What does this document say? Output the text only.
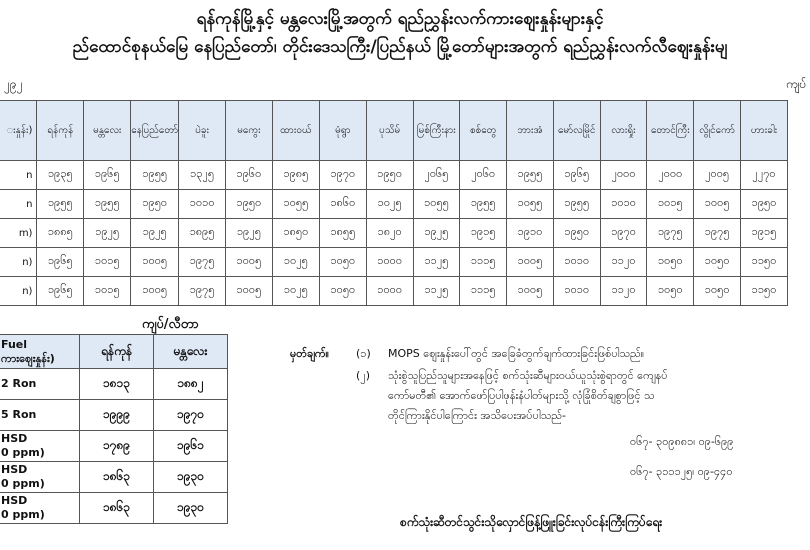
ရန်ကုန်မြို့နှင့် မန္တလေးမြို့အတွက် ရည်ညွှန်းလက်ကားဈေးနှုန်းများနှင့်
ည်ထောင်စုနယ်မြေ နေပြည်တော်၊ တိုင်းဒေသကြီး/ပြည်နယ် မြို့တော်များအတွက် ရည်ညွှန်းလက်လီဈေးနှုန်းမျ
၂၉၂	ကျပ်
းနှုန်း)	ရန်ကုန်	မန္တလေး	နေပြည်တော်	ပဲခူး	မကွေး	ထားဝယ်	မုံရွာ	ပုသိမ်	မြစ်ကြီးနား	စစ်တွေ	ဘားအံ	မော်လမြိုင်	လားရှိုး	တောင်ကြီး	လွိုင်ကော်	ဟားခါး
n	၁၉၃၅	၁၉၆၅	၁၉၅၅	၁၃၂၅	၁၉၆၀	၁၉၈၅	၁၉၇၀	၁၉၅၀	၂၀၆၅	၂၀၆၀	၁၉၅၅	၁၉၆၅	၂၀၀၀	၂၀၀၀	၂၀၀၅	၂၂၇၀
n	၁၉၅၅	၁၉၅၅	၁၉၅၀	၁၀၁၀	၁၉၅၀	၁၀၅၅	၁၈၆၀	၁၀၂၅	၁၀၅၅	၁၉၅၅	၁၀၅၅	၁၉၅၅	၁၀၁၀	၁၀၁၅	၁၀၀၅	၁၉၅၀
m)	၁၈၈၅	၁၉၂၅	၁၉၂၅	၁၈၉၅	၁၉၂၅	၁၈၅၀	၁၈၅၅	၁၈၂၀	၁၉၂၅	၁၉၁၅	၁၉၁၀	၁၉၅၀	၁၉၇၀	၁၉၇၅	၁၉၇၅	၁၉၁၅
n)	၁၉၆၅	၁၀၁၅	၁၀၀၅	၁၉၇၅	၁၀၀၅	၁၀၂၅	၁၀၅၀	၁၀၀၀	၁၁၂၅	၁၁၁၅	၁၀၀၅	၁၀၁၀	၁၁၂၀	၁၀၅၀	၁၀၅၀	၁၁၅၀
n)	၁၉၆၅	၁၀၁၅	၁၀၀၅	၁၉၇၅	၁၀၀၅	၁၀၂၅	၁၀၅၀	၁၀၀၀	၁၁၂၅	၁၁၁၅	၁၀၀၅	၁၀၁၀	၁၁၂၀	၁၀၅၀	၁၀၅၀	၁၁၅၀
ကျပ်/လီတာ
Fuel
ကားဈေးနှုန်း)	ရန်ကုန်	မန္တလေး

2 Ron	၁၈၁၃	၁၈၈၂

5 Ron	၁၉၉၉	၁၉၇၀

HSD
0 ppm)	၁၇၈၉	၁၉၆၁

HSD
0 ppm)	၁၈၆၃	၁၉၃၀

HSD
0 ppm)	၁၈၆၃	၁၉၃၀
မှတ်ချက်။ (၁) MOPS ဈေးနှုန်းပေါ်တွင် အခြေခံတွက်ချက်ထားခြင်းဖြစ်ပါသည်။
(၂) သုံးစွဲသူပြည်သူများအနေဖြင့် စက်သုံးဆီများဝယ်ယူသုံးစွဲရာတွင် ကျေနပ်
ကော်မတီ၏ အောက်ဖော်ပြပါဖုန်းနံပါတ်များသို့ လုံခြုံစိတ်ချစွာဖြင့် သ
တိုင်ကြားနိုင်ပါကြောင်း အသိပေးအပ်ပါသည်-
၀၆၇- ၃၀၉၈၈၁၊ ၀၉-၆၉၉
၀၆၇- ၃၁၁၁၂၅၊ ၀၉-၄၄၀
စက်သုံးဆီတင်သွင်းသိုလှောင်ဖြန့်ဖြူးခြင်းလုပ်ငန်းကြီးကြပ်ရေး
